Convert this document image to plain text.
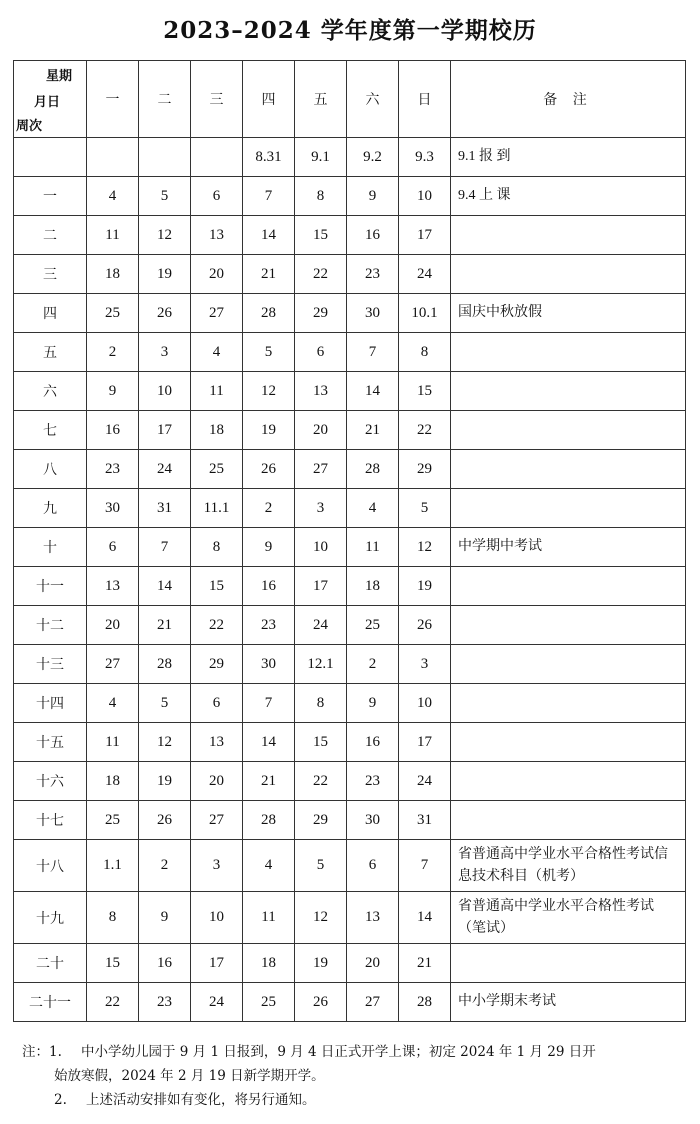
2023–2024 学年度第一学期校历
星期
月日
周次	一	二	三	四	五	六	日	备 注
				8.31	9.1	9.2	9.3	9.1 报 到
一	4	5	6	7	8	9	10	9.4 上 课
二	11	12	13	14	15	16	17	
三	18	19	20	21	22	23	24	
四	25	26	27	28	29	30	10.1	国庆中秋放假
五	2	3	4	5	6	7	8	
六	9	10	11	12	13	14	15	
七	16	17	18	19	20	21	22	
八	23	24	25	26	27	28	29	
九	30	31	11.1	2	3	4	5	
十	6	7	8	9	10	11	12	中学期中考试
十一	13	14	15	16	17	18	19	
十二	20	21	22	23	24	25	26	
十三	27	28	29	30	12.1	2	3	
十四	4	5	6	7	8	9	10	
十五	11	12	13	14	15	16	17	
十六	18	19	20	21	22	23	24	
十七	25	26	27	28	29	30	31	
十八	1.1	2	3	4	5	6	7	省普通高中学业水平合格性考试信息技术科目（机考）
十九	8	9	10	11	12	13	14	省普通高中学业水平合格性考试（笔试）
二十	15	16	17	18	19	20	21	
二十一	22	23	24	25	26	27	28	中小学期末考试
注：1. 中小学幼儿园于 9 月 1 日报到，9 月 4 日正式开学上课；初定 2024 年 1 月 29 日开
始放寒假，2024 年 2 月 19 日新学期开学。
2. 上述活动安排如有变化，将另行通知。
